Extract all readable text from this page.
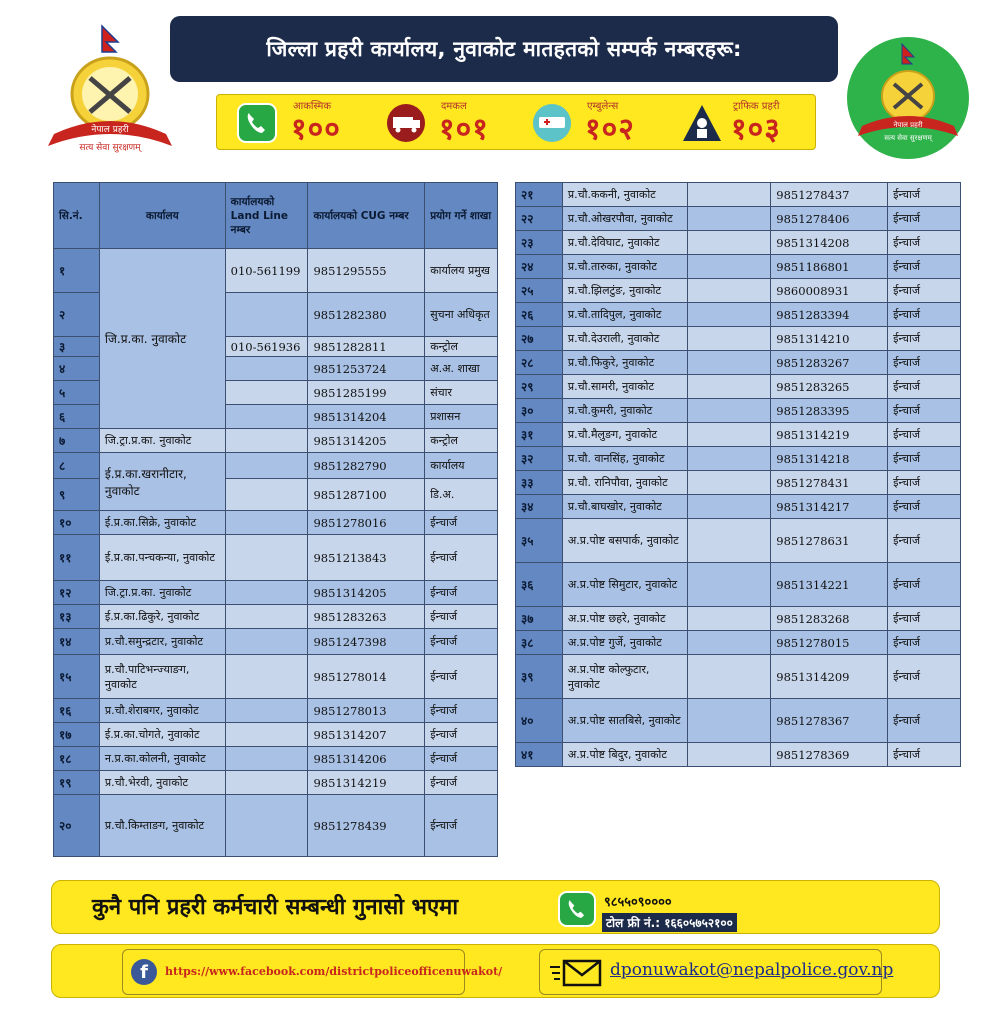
नेपाल प्रहरी
सत्य सेवा सुरक्षणम्
जिल्ला प्रहरी कार्यालय, नुवाकोट मातहतको सम्पर्क नम्बरहरू:
नेपाल प्रहरी
सत्य सेवा सुरक्षणम्
आकस्मिक
१००
दमकल
१०१
एम्बुलेन्स
१०२
ट्राफिक प्रहरी
१०३
सि.नं.	कार्यालय	कार्यालयको Land Line नम्बर	कार्यालयको CUG नम्बर	प्रयोग गर्ने शाखा
१	जि.प्र.का. नुवाकोट	010-561199	9851295555	कार्यालय प्रमुख
२			9851282380	सुचना अधिकृत
३		010-561936	9851282811	कन्ट्रोल
४			9851253724	अ.अ. शाखा
५			9851285199	संचार
६			9851314204	प्रशासन
७	जि.ट्रा.प्र.का. नुवाकोट		9851314205	कन्ट्रोल
८	ई.प्र.का.खरानीटार, नुवाकोट		9851282790	कार्यालय
९			9851287100	डि.अ.
१०	ई.प्र.का.सिक्रे, नुवाकोट		9851278016	ईन्चार्ज
११	ई.प्र.का.पन्चकन्या, नुवाकोट		9851213843	ईन्चार्ज
१२	जि.ट्रा.प्र.का. नुवाकोट		9851314205	ईन्चार्ज
१३	ई.प्र.का.ढिकुरे, नुवाकोट		9851283263	ईन्चार्ज
१४	प्र.चौ.समुन्द्रटार, नुवाकोट		9851247398	ईन्चार्ज
१५	प्र.चौ.पाटिभन्ज्याङग, नुवाकोट		9851278014	ईन्चार्ज
१६	प्र.चौ.शेराबगर, नुवाकोट		9851278013	ईन्चार्ज
१७	ई.प्र.का.चोगते, नुवाकोट		9851314207	ईन्चार्ज
१८	न.प्र.का.कोलनी, नुवाकोट		9851314206	ईन्चार्ज
१९	प्र.चौ.भेरवी, नुवाकोट		9851314219	ईन्चार्ज
२०	प्र.चौ.किम्ताङग, नुवाकोट		9851278439	ईन्चार्ज
२१	प्र.चौ.ककनी, नुवाकोट		9851278437	ईन्चार्ज
२२	प्र.चौ.ओखरपौवा, नुवाकोट		9851278406	ईन्चार्ज
२३	प्र.चौ.देविघाट, नुवाकोट		9851314208	ईन्चार्ज
२४	प्र.चौ.तारुका, नुवाकोट		9851186801	ईन्चार्ज
२५	प्र.चौ.झिलटुंङ, नुवाकोट		9860008931	ईन्चार्ज
२६	प्र.चौ.तादिपुल, नुवाकोट		9851283394	ईन्चार्ज
२७	प्र.चौ.देउराली, नुवाकोट		9851314210	ईन्चार्ज
२८	प्र.चौ.फिकुरे, नुवाकोट		9851283267	ईन्चार्ज
२९	प्र.चौ.सामरी, नुवाकोट		9851283265	ईन्चार्ज
३०	प्र.चौ.कुमरी, नुवाकोट		9851283395	ईन्चार्ज
३१	प्र.चौ.मैलुङग, नुवाकोट		9851314219	ईन्चार्ज
३२	प्र.चौ. वानसिंह, नुवाकोट		9851314218	ईन्चार्ज
३३	प्र.चौ. रानिपौवा, नुवाकोट		9851278431	ईन्चार्ज
३४	प्र.चौ.बाघखोर, नुवाकोट		9851314217	ईन्चार्ज
३५	अ.प्र.पोष्ट बसपार्क, नुवाकोट		9851278631	ईन्चार्ज
३६	अ.प्र.पोष्ट सिमुटार, नुवाकोट		9851314221	ईन्चार्ज
३७	अ.प्र.पोष्ट छहरे, नुवाकोट		9851283268	ईन्चार्ज
३८	अ.प्र.पोष्ट गुर्जे, नुवाकोट		9851278015	ईन्चार्ज
३९	अ.प्र.पोष्ट कोल्फुटार, नुवाकोट		9851314209	ईन्चार्ज
४०	अ.प्र.पोष्ट सातबिसे, नुवाकोट		9851278367	ईन्चार्ज
४१	अ.प्र.पोष्ट बिदुर, नुवाकोट		9851278369	ईन्चार्ज
कुनै पनि प्रहरी कर्मचारी सम्बन्धी गुनासो भएमा	९८५५०९००००
टोल फ्री नं.: १६६०५७५२१००
f	https://www.facebook.com/districtpoliceofficenuwakot/	dponuwakot@nepalpolice.gov.np
